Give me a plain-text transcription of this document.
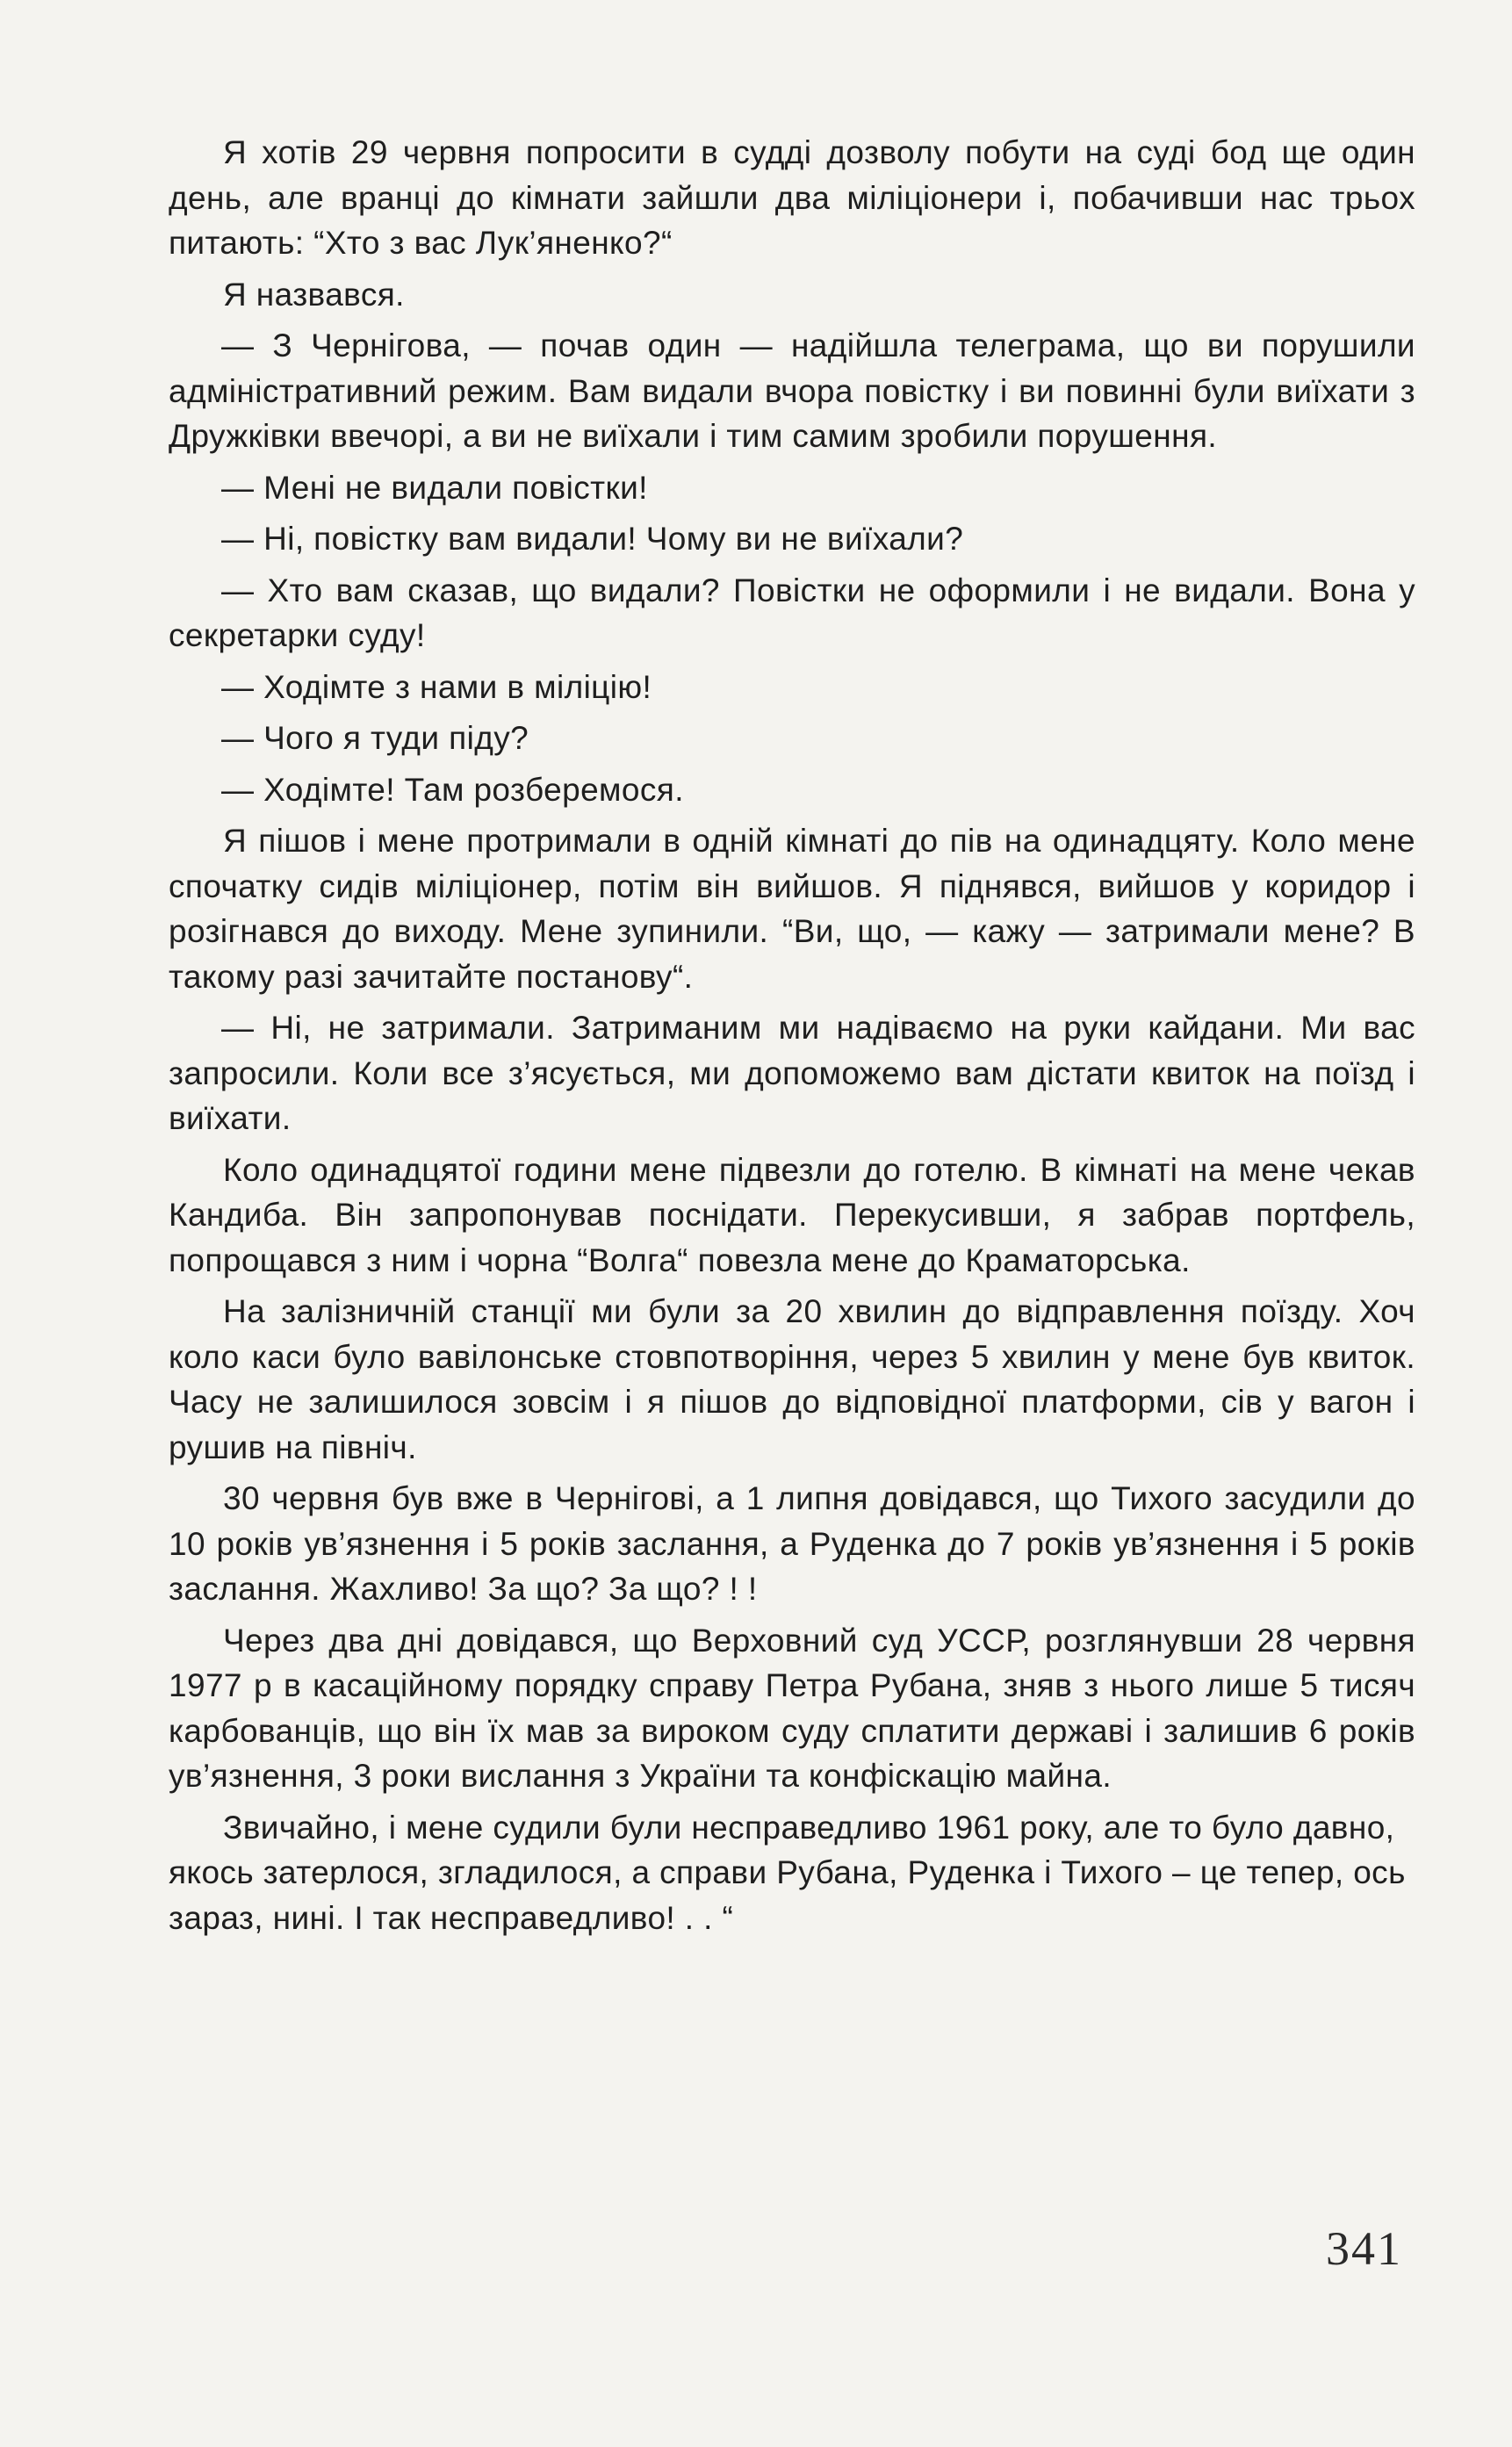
Я хотів 29 червня попросити в судді дозволу побути на суді бод ще один день, але вранці до кімнати зайшли два міліціонери і, побачивши нас трьох питають: “Хто з вас Лук’яненко?“

Я назвався.

— З Чернігова, — почав один — надійшла телеграма, що ви порушили адміністративний режим. Вам видали вчора повістку і ви повинні були виїхати з Дружківки ввечорі, а ви не виїхали і тим самим зробили порушення.

— Мені не видали повістки!

— Ні, повістку вам видали! Чому ви не виїхали?

— Хто вам сказав, що видали? Повістки не оформили і не видали. Вона у секретарки суду!

— Ходімте з нами в міліцію!

— Чого я туди піду?

— Ходімте! Там розберемося.

Я пішов і мене протримали в одній кімнаті до пів на одинадцяту. Коло мене спочатку сидів міліціонер, потім він вийшов. Я піднявся, вийшов у коридор і розігнався до виходу. Мене зупинили. “Ви, що, — кажу — затримали мене? В такому разі зачитайте постанову“.

— Ні, не затримали. Затриманим ми надіваємо на руки кайдани. Ми вас запросили. Коли все з’ясується, ми допоможемо вам дістати квиток на поїзд і виїхати.

Коло одинадцятої години мене підвезли до готелю. В кімнаті на мене чекав Кандиба. Він запропонував поснідати. Перекусивши, я забрав портфель, попрощався з ним і чорна “Волга“ повезла мене до Краматорська.

На залізничній станції ми були за 20 хвилин до відправлення поїзду. Хоч коло каси було вавілонське стовпотворіння, через 5 хвилин у мене був квиток. Часу не залишилося зовсім і я пішов до відповідної платформи, сів у вагон і рушив на північ.

30 червня був вже в Чернігові, а 1 липня довідався, що Тихого засудили до 10 років ув’язнення і 5 років заслання, а Руденка до 7 років ув’язнення і 5 років заслання. Жахливо! За що? За що? ! !

Через два дні довідався, що Верховний суд УССР, розглянувши 28 червня 1977 р в касаційному порядку справу Петра Рубана, зняв з нього лише 5 тисяч карбованців, що він їх мав за вироком суду сплатити державі і залишив 6 років ув’язнення, 3 роки вислання з України та конфіскацію майна.

Звичайно, і мене судили були несправедливо 1961 року, але то було давно, якось затерлося, згладилося, а справи Рубана, Руденка і Тихого – це тепер, ось зараз, нині. І так несправедливо! . . “

341
